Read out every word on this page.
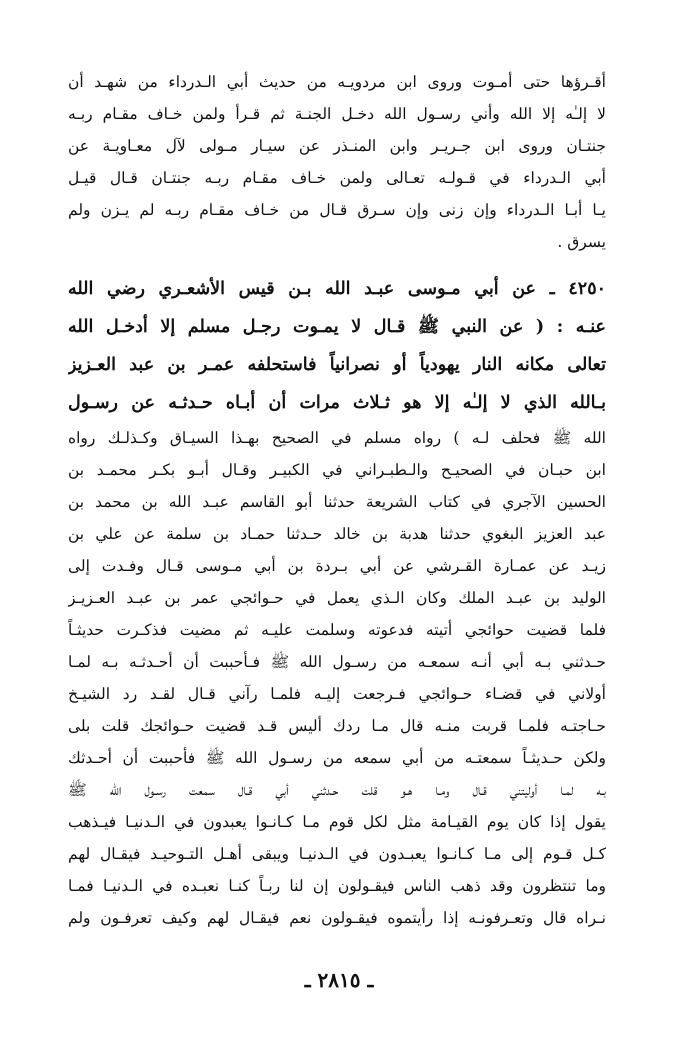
أقـرؤها حتى أمـوت وروى ابن مردويـه من حديث أبي الـدرداء من شهـد أن
لا إلـٰه إلا الله وأني رسـول الله دخـل الجنـة ثم قـرأ ولمن خـاف مقـام ربـه
جنتـان وروى ابن جـريـر وابن المنـذر عن سيـار مـولى لآل معـاويـة عن
أبي الـدرداء في قـولـه تعـالى ولمن خـاف مقـام ربـه جنتـان قـال قيـل
يـا أبـا الـدرداء وإن زنى وإن سـرق قـال من خـاف مقـام ربـه لم يـزن ولم
يسرق .
٤٢٥٠ ـ عن أبي مـوسى عبـد الله بـن قيس الأشعـري رضي الله
عنـه : ( عن النبي ﷺ قـال لا يمـوت رجـل مسلم إلا أدخـل الله
تعالى مكانه النار يهودياً أو نصرانياً فاستحلفه عمـر بن عبد العـزيز
بـالله الذي لا إلـٰه إلا هو ثـلاث مرات أن أبـاه حـدثـه عن رسـول
الله ﷺ فحلف لـه ) رواه مسلم في الصحيح بهـذا السيـاق وكـذلـك رواه
ابن حبـان في الصحيـح والـطبـراني في الكبيـر وقـال أبـو بكـر محمـد بن
الحسين الآجري في كتاب الشريعة حدثنا أبو القاسم عبـد الله بن محمد بن
عبد العزيز البغوي حدثنا هدبة بن خالد حـدثنا حمـاد بن سلمة عن علي بن
زيـد عن عمـارة القـرشي عن أبي بـردة بن أبي مـوسى قـال وفـدت إلى
الوليد بن عبـد الملك وكان الـذي يعمل في حـوائجي عمر بن عبـد العـزيـز
فلما قضيت حوائجي أتيته فدعوته وسلمت عليـه ثم مضيت فذكـرت حديثـاً
حـدثني بـه أبي أنـه سمعـه من رسـول الله ﷺ فـأحببت أن أحـدثـه بـه لمـا
أولاني في قضـاء حـوائجي فـرجعت إليـه فلمـا رآني قـال لقـد رد الشيـخ
حـاجتـه فلمـا قربت منـه قال مـا ردك أليس قـد قضيت حـوائجك قلت بلى
ولكن حـديثـاً سمعتـه من أبي سمعه من رسـول الله ﷺ فأحببت أن أحـدثك
بـه لمـا أوليتني قـال ومـا هـو قلت حـدثني أبي قـال سمعت رسـول الله ﷺ
يقول إذا كان يوم القيـامة مثل لكل قوم مـا كـانـوا يعبدون في الـدنيـا فيـذهب
كـل قـوم إلى مـا كـانـوا يعبـدون في الـدنيـا ويبقى أهـل التـوحيـد فيقـال لهم
وما تنتظرون وقد ذهب الناس فيقـولون إن لنا ربـاً كنـا نعبـده في الـدنيـا فمـا
نـراه قال وتعـرفونـه إذا رأيتموه فيقـولون نعم فيقـال لهم وكيف تعرفـون ولم
ـ ٢٨١٥ ـ
